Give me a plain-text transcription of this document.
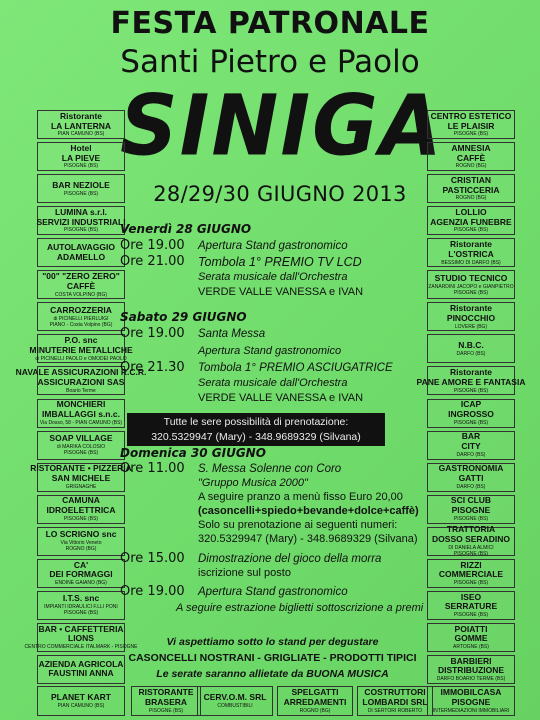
FESTA PATRONALE
Santi Pietro e Paolo
SINIGA
28/29/30 GIUGNO 2013
Ristorante
LA LANTERNA
PIAN CAMUNO (BS)
Hotel
LA PIEVE
PISOGNE (BS)
BAR NEZIOLE
PISOGNE (BS)
LUMINA s.r.l.
SERVIZI INDUSTRIALI
PISOGNE (BS)
AUTOLAVAGGIO
ADAMELLO
"00" "ZERO ZERO"
CAFFÈ
COSTA VOLPINO (BG)
CARROZZERIA
di PICINELLI PIERLUIGI
PIANO - Costa Volpino (BG)
P.O. snc
MINUTERIE METALLICHE
di PICINELLI PAOLO e OMODEI PAOLO
NAVALE ASSICURAZIONI R.C.R.
ASSICURAZIONI SAS
Boario Terme
MONCHIERI
IMBALLAGGI s.n.c.
Via Dosso, 58 - PIAN CAMUNO (BS)
SOAP VILLAGE
di MARIKA COLOSIO
PISOGNE (BS)
RISTORANTE • PIZZERIA
SAN MICHELE
GRIGNAGHE
CAMUNA
IDROELETTRICA
PISOGNE (BS)
LO SCRIGNO snc
Via Vittorio Veneto
ROGNO (BG)
CA'
DEI FORMAGGI
ENDINE GAIANO (BG)
I.T.S. snc
IMPIANTI IDRAULICI F.LLI PONI
PISOGNE (BS)
BAR • CAFFETTERIA
LIONS
CENTRO COMMERCIALE ITALMARK - PISOGNE
AZIENDA AGRICOLA
FAUSTINI ANNA
CENTRO ESTETICO
LE PLAISIR
PISOGNE (BS)
AMNESIA
CAFFÈ
ROGNO (BG)
CRISTIAN
PASTICCERIA
ROGNO (BG)
LOLLIO
AGENZIA FUNEBRE
PISOGNE (BS)
Ristorante
L'OSTRICA
BESSIMO DI DARFO (BS)
STUDIO TECNICO
ZANARDINI JACOPO e GIANPIETRO
PISOGNE (BS)
Ristorante
PINOCCHIO
LOVERE (BG)
N.B.C.
DARFO (BS)
Ristorante
PANE AMORE E FANTASIA
PISOGNE (BS)
ICAP
INGROSSO
PISOGNE (BS)
BAR
CITY
DARFO (BS)
GASTRONOMIA
GATTI
DARFO (BS)
SCI CLUB
PISOGNE
PISOGNE (BS)
TRATTORIA
DOSSO SERADINO
DI DANIELA ALMICI
PISOGNE (BS)
RIZZI
COMMERCIALE
PISOGNE (BS)
ISEO
SERRATURE
PISOGNE (BS)
POIATTI
GOMME
ARTOGNE (BS)
BARBIERI
DISTRIBUZIONE
DARFO BOARIO TERME (BS)
Venerdì 28 GIUGNO
Ore 19.00	Apertura Stand gastronomico
Ore 21.00	Tombola 1° PREMIO TV LCD
Serata musicale dall'Orchestra
VERDE VALLE VANESSA e IVAN
Sabato 29 GIUGNO
Ore 19.00	Santa Messa
Apertura Stand gastronomico
Ore 21.30	Tombola 1° PREMIO ASCIUGATRICE
Serata musicale dall'Orchestra
VERDE VALLE VANESSA e IVAN
Tutte le sere possibilità di prenotazione:
320.5329947 (Mary) - 348.9689329 (Silvana)
Domenica 30 GIUGNO
Ore 11.00	S. Messa Solenne con Coro
"Gruppo Musica 2000"
A seguire pranzo a menù fisso Euro 20,00
(casoncelli+spiedo+bevande+dolce+caffè)
Solo su prenotazione ai seguenti numeri:
320.5329947 (Mary) - 348.9689329 (Silvana)
Ore 15.00	Dimostrazione del gioco della morra
iscrizione sul posto
Ore 19.00	Apertura Stand gastronomico
A seguire estrazione biglietti sottoscrizione a premi
Vi aspettiamo sotto lo stand per degustare
CASONCELLI NOSTRANI - GRIGLIATE - PRODOTTI TIPICI
Le serate saranno allietate da BUONA MUSICA
PLANET KART
PIAN CAMUNO (BS)
RISTORANTE
BRASERA
PISOGNE (BS)
CERV.O.M. SRL
COMBUSTIBILI
SPELGATTI
ARREDAMENTI
ROGNO (BG)
COSTRUTTORI
LOMBARDI SRL
DI SERTORI ROBERTO
IMMOBILCASA
PISOGNE
INTERMEDIAZIONI IMMOBILIARI
